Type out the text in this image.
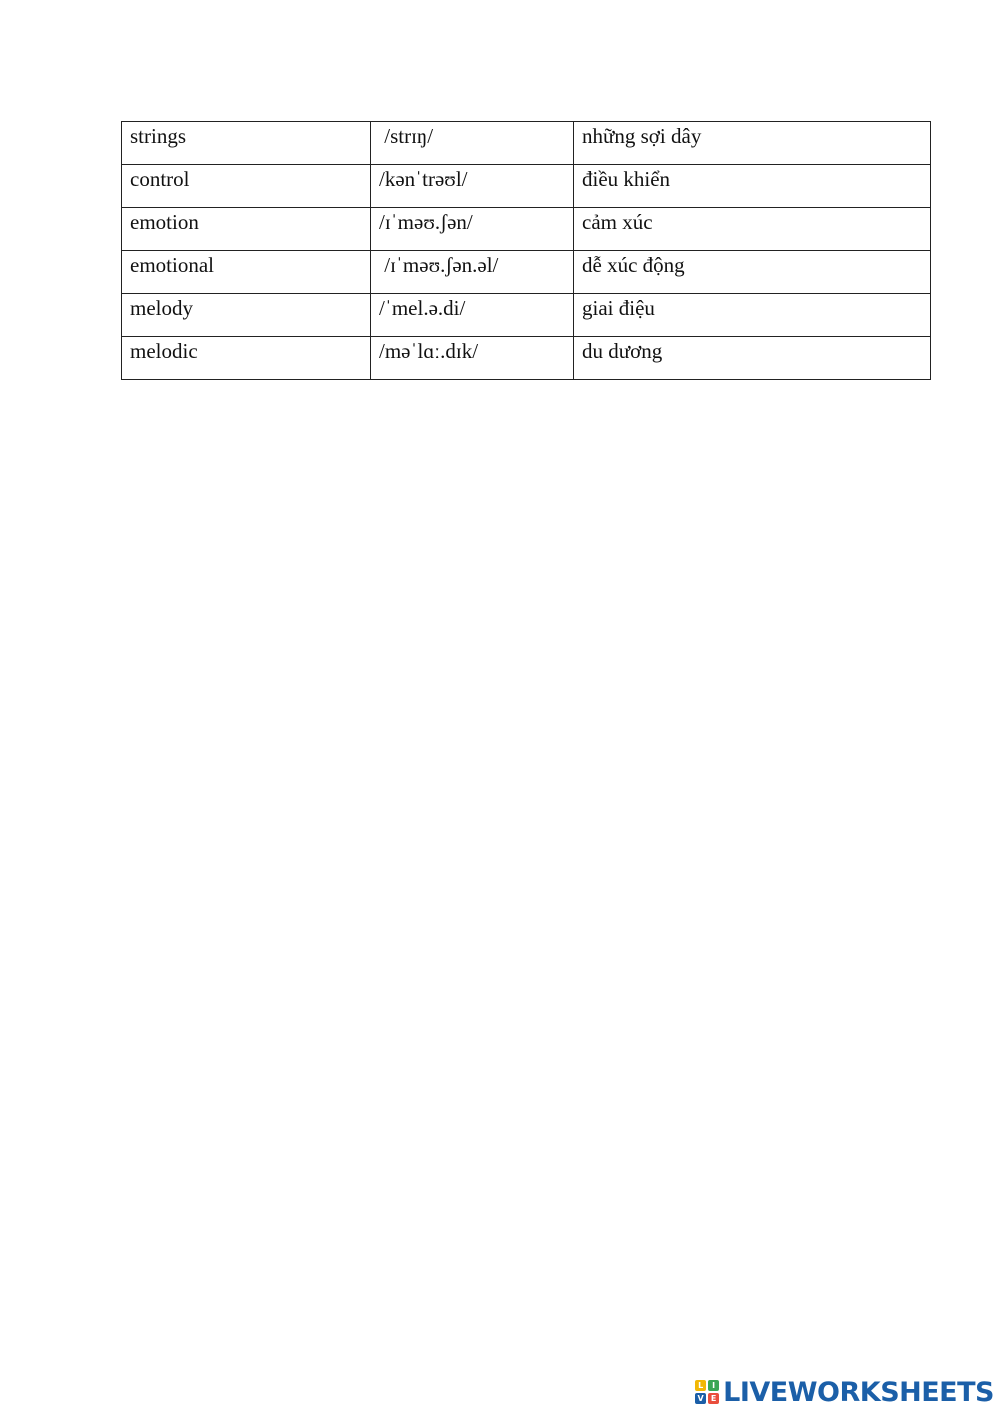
strings	/strɪŋ/	những sợi dây
control	/kənˈtrəʊl/	điều khiển
emotion	/ɪˈməʊ.ʃən/	cảm xúc
emotional	/ɪˈməʊ.ʃən.əl/	dễ xúc động
melody	/ˈmel.ə.di/	giai điệu
melodic	/məˈlɑː.dɪk/	du dương
L	I
V E LIVEWORKSHEETS
